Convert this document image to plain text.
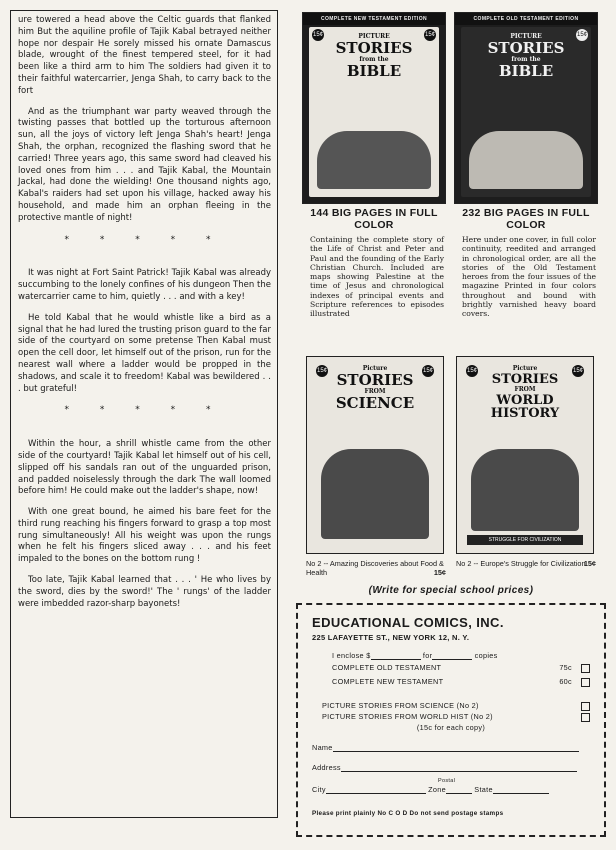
ure towered a head above the Celtic guards that flanked him But the aquiline profile of Tajik Kabal betrayed neither hope nor despair He sorely missed his ornate Damascus blade, wrought of the finest tempered steel, for it had been like a third arm to him The soldiers had given it to their faithful watercarrier, Jenga Shah, to carry back to the fort

And as the triumphant war party weaved through the twisting passes that bottled up the torturous afternoon sun, all the joys of victory left Jenga Shah's heart! Jenga Shah, the orphan, recognized the flashing sword that he carried! Three years ago, this same sword had cleaved his loved ones from him . . . and Tajik Kabal, the Mountain Jackal, had done the wielding! One thousand nights ago, Kabal's raiders had set upon his village, hacked away his household, and made him an orphan fleeing in the protective mantle of night!

* * * * *

It was night at Fort Saint Patrick! Tajik Kabal was already succumbing to the lonely confines of his dungeon Then the watercarrier came to him, quietly . . . and with a key!

He told Kabal that he would whistle like a bird as a signal that he had lured the trusting prison guard to the far side of the courtyard on some pretense Then Kabal must open the cell door, let himself out of the prison, run for the nearest wall where a ladder would be propped in the shadows, and scale it to freedom! Kabal was bewildered . . . but grateful!

* * * * *

Within the hour, a shrill whistle came from the other side of the courtyard! Tajik Kabal let himself out of his cell, slipped off his sandals ran out of the unguarded prison, and padded noiselessly through the dark The wall loomed before him! He could make out the ladder's shape, now!

With one great bound, he aimed his bare feet for the third rung reaching his fingers forward to grasp a top most rung simultaneously! All his weight was upon the rungs when he felt his fingers sliced away . . . and his feet impaled to the bones on the bottom rung !

Too late, Tajik Kabal learned that . . . ' He who lives by the sword, dies by the sword!' The ' rungs' of the ladder were imbedded razor-sharp bayonets!

COMPLETE NEW TESTAMENT EDITION
15¢	15¢
PICTURE
STORIES
from the
BIBLE
COMPLETE OLD TESTAMENT EDITION
15¢
PICTURE
STORIES
from the
BIBLE
144 BIG PAGES IN FULL COLOR
Containing the complete story of the Life of Christ and Peter and Paul and the founding of the Early Christian Church. Included are maps showing Palestine at the time of Jesus and chronological indexes of principal events and Scripture references to episodes illustrated
232 BIG PAGES IN FULL COLOR
Here under one cover, in full color continuity, reedited and arranged in chronological order, are all the stories of the Old Testament heroes from the four issues of the magazine Printed in four colors throughout and bound with brightly varnished heavy board covers.
15¢	15¢
Picture
STORIES
FROM
SCIENCE
15¢	15¢
Picture
STORIES
FROM
WORLD HISTORY
STRUGGLE FOR CIVILIZATION
No 2 -- Amazing Discoveries about Food & Health	15¢
No 2 -- Europe's Struggle for Civilization
15¢
(Write for special school prices)
EDUCATIONAL COMICS, INC.
225 LAFAYETTE ST., NEW YORK 12, N. Y.
I enclose $	for	copies
COMPLETE OLD TESTAMENT	75c
COMPLETE NEW TESTAMENT	60c
PICTURE STORIES FROM SCIENCE (No 2)
PICTURE STORIES FROM WORLD HIST (No 2)
(15c for each copy)
Name
Address
Postal
City	Zone	State
Please print plainly No C O D Do not send postage stamps
